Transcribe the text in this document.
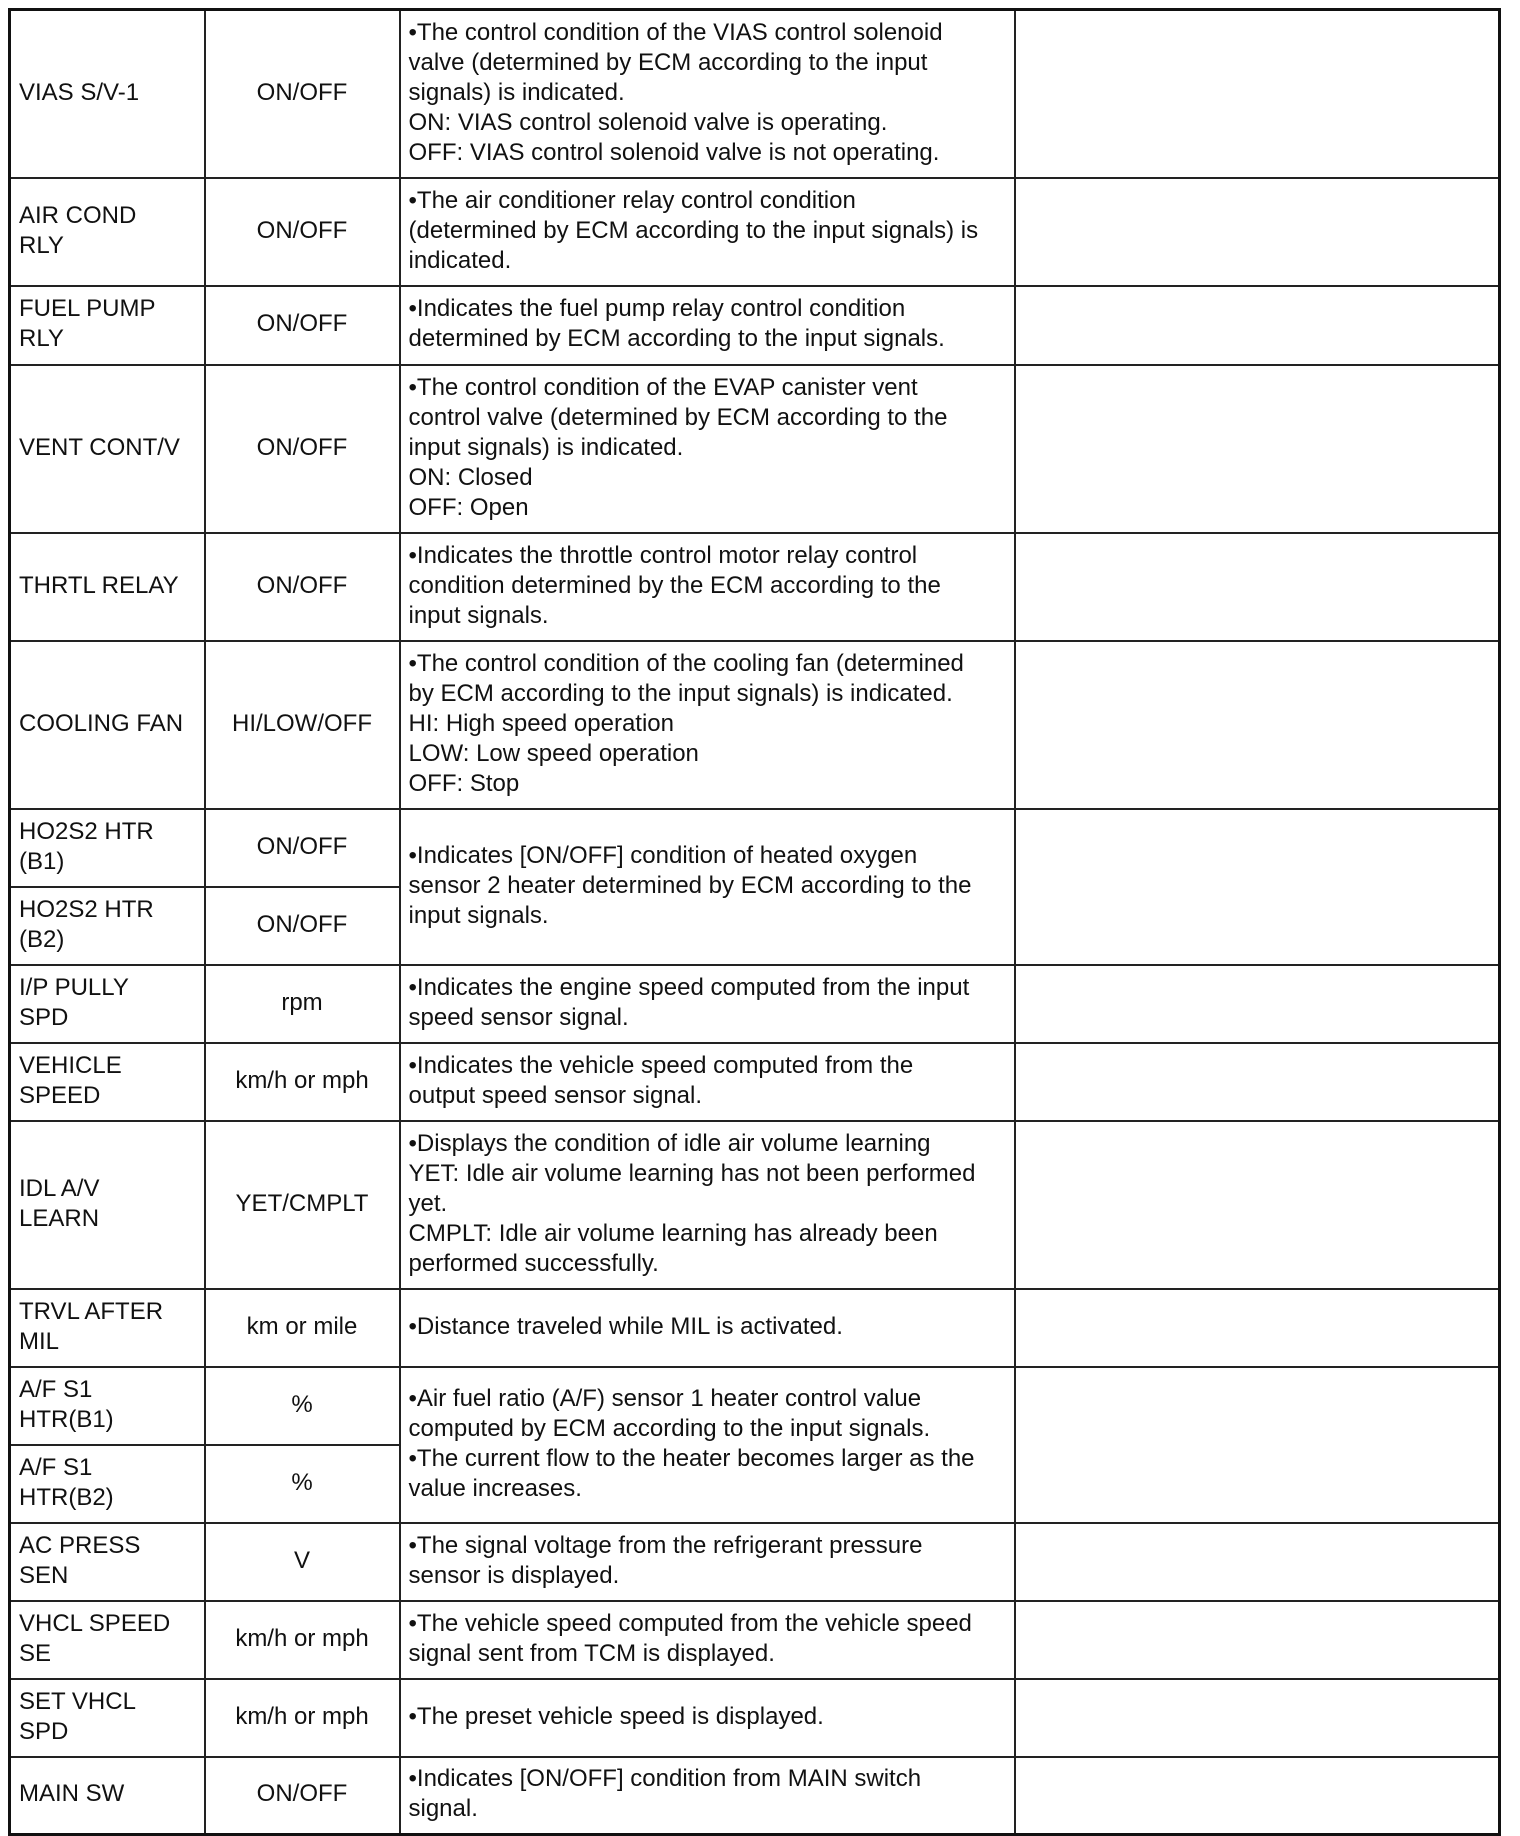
VIAS S/V-1	ON/OFF	•The control condition of the VIAS control solenoid
valve (determined by ECM according to the input
signals) is indicated.
ON: VIAS control solenoid valve is operating.
OFF: VIAS control solenoid valve is not operating.	
AIR COND
RLY	ON/OFF	•The air conditioner relay control condition
(determined by ECM according to the input signals) is
indicated.	
FUEL PUMP
RLY	ON/OFF	•Indicates the fuel pump relay control condition
determined by ECM according to the input signals.	
VENT CONT/V	ON/OFF	•The control condition of the EVAP canister vent
control valve (determined by ECM according to the
input signals) is indicated.
ON: Closed
OFF: Open	
THRTL RELAY	ON/OFF	•Indicates the throttle control motor relay control
condition determined by the ECM according to the
input signals.	
COOLING FAN	HI/LOW/OFF	•The control condition of the cooling fan (determined
by ECM according to the input signals) is indicated.
HI: High speed operation
LOW: Low speed operation
OFF: Stop	
HO2S2 HTR
(B1)	ON/OFF	•Indicates [ON/OFF] condition of heated oxygen
sensor 2 heater determined by ECM according to the
input signals.	
HO2S2 HTR
(B2)	ON/OFF		
I/P PULLY
SPD	rpm	•Indicates the engine speed computed from the input
speed sensor signal.	
VEHICLE
SPEED	km/h or mph	•Indicates the vehicle speed computed from the
output speed sensor signal.	
IDL A/V
LEARN	YET/CMPLT	•Displays the condition of idle air volume learning
YET: Idle air volume learning has not been performed
yet.
CMPLT: Idle air volume learning has already been
performed successfully.	
TRVL AFTER
MIL	km or mile	•Distance traveled while MIL is activated.	
A/F S1
HTR(B1)	%	•Air fuel ratio (A/F) sensor 1 heater control value
computed by ECM according to the input signals.
•The current flow to the heater becomes larger as the
value increases.	
A/F S1
HTR(B2)	%		
AC PRESS
SEN	V	•The signal voltage from the refrigerant pressure
sensor is displayed.	
VHCL SPEED
SE	km/h or mph	•The vehicle speed computed from the vehicle speed
signal sent from TCM is displayed.	
SET VHCL
SPD	km/h or mph	•The preset vehicle speed is displayed.	
MAIN SW	ON/OFF	•Indicates [ON/OFF] condition from MAIN switch
signal.	
